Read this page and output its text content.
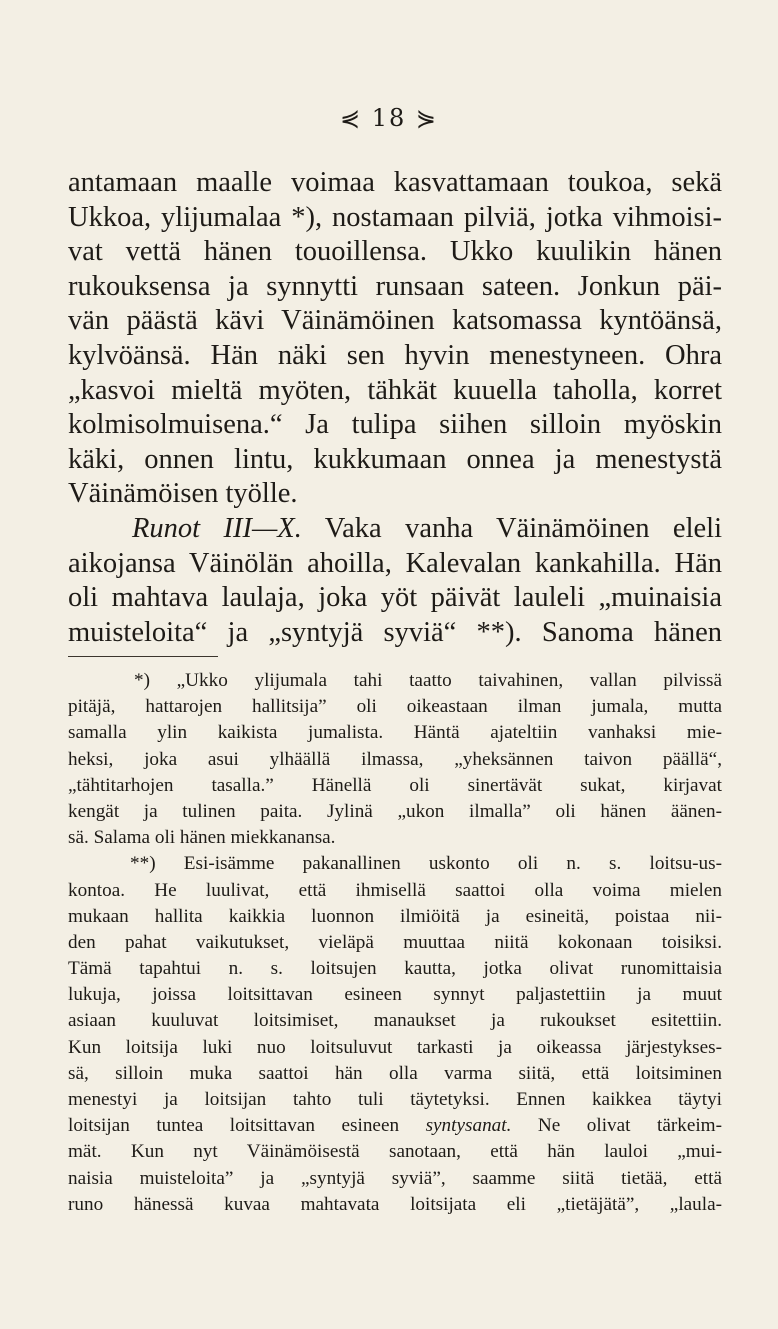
⋞ 18 ⋟
antamaan maalle voimaa kasvattamaan toukoa, sekä
Ukkoa, ylijumalaa *), nostamaan pilviä, jotka vihmoisi-
vat vettä hänen touoillensa. Ukko kuulikin hänen
rukouksensa ja synnytti runsaan sateen. Jonkun päi-
vän päästä kävi Väinämöinen katsomassa kyntöänsä,
kylvöänsä. Hän näki sen hyvin menestyneen. Ohra
„kasvoi mieltä myöten, tähkät kuuella taholla, korret
kolmisolmuisena.“ Ja tulipa siihen silloin myöskin
käki, onnen lintu, kukkumaan onnea ja menestystä
Väinämöisen työlle.
Runot III—X. Vaka vanha Väinämöinen eleli
aikojansa Väinölän ahoilla, Kalevalan kankahilla. Hän
oli mahtava laulaja, joka yöt päivät lauleli „muinaisia
muisteloita“ ja „syntyjä syviä“ **). Sanoma hänen
*) „Ukko ylijumala tahi taatto taivahinen, vallan pilvissä
pitäjä, hattarojen hallitsija” oli oikeastaan ilman jumala, mutta
samalla ylin kaikista jumalista. Häntä ajateltiin vanhaksi mie-
heksi, joka asui ylhäällä ilmassa, „yheksännen taivon päällä“,
„tähtitarhojen tasalla.” Hänellä oli sinertävät sukat, kirjavat
kengät ja tulinen paita. Jylinä „ukon ilmalla” oli hänen äänen-
sä. Salama oli hänen miekkanansa.
**) Esi-isämme pakanallinen uskonto oli n. s. loitsu-us-
kontoa. He luulivat, että ihmisellä saattoi olla voima mielen
mukaan hallita kaikkia luonnon ilmiöitä ja esineitä, poistaa nii-
den pahat vaikutukset, vieläpä muuttaa niitä kokonaan toisiksi.
Tämä tapahtui n. s. loitsujen kautta, jotka olivat runomittaisia
lukuja, joissa loitsittavan esineen synnyt paljastettiin ja muut
asiaan kuuluvat loitsimiset, manaukset ja rukoukset esitettiin.
Kun loitsija luki nuo loitsuluvut tarkasti ja oikeassa järjestykses-
sä, silloin muka saattoi hän olla varma siitä, että loitsiminen
menestyi ja loitsijan tahto tuli täytetyksi. Ennen kaikkea täytyi
loitsijan tuntea loitsittavan esineen syntysanat. Ne olivat tärkeim-
mät. Kun nyt Väinämöisestä sanotaan, että hän lauloi „mui-
naisia muisteloita” ja „syntyjä syviä”, saamme siitä tietää, että
runo hänessä kuvaa mahtavata loitsijata eli „tietäjätä”, „laula-
